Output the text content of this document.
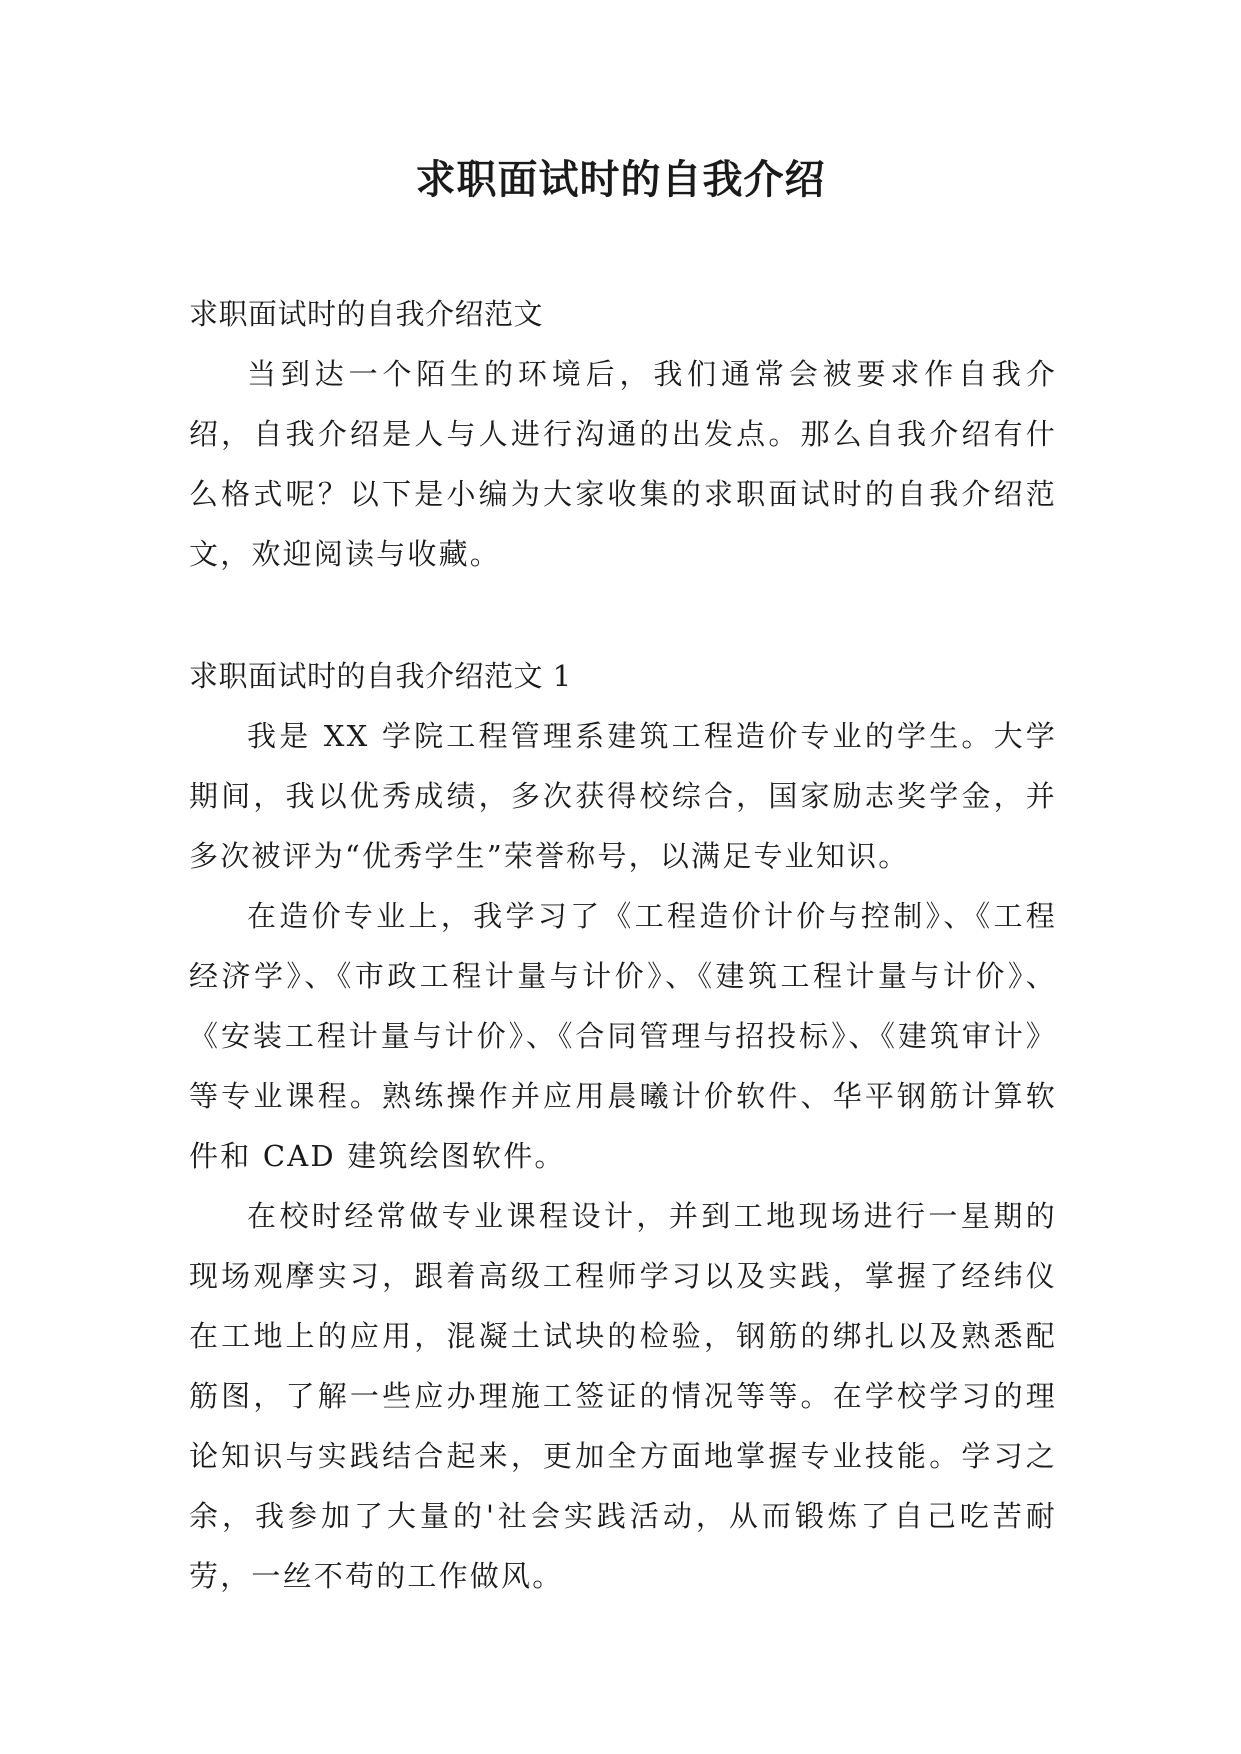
求职面试时的自我介绍

求职面试时的自我介绍范文

当到达一个陌生的环境后，我们通常会被要求作自我介绍，自我介绍是人与人进行沟通的出发点。那么自我介绍有什么格式呢？以下是小编为大家收集的求职面试时的自我介绍范文，欢迎阅读与收藏。

求职面试时的自我介绍范文 1

我是 XX 学院工程管理系建筑工程造价专业的学生。大学期间，我以优秀成绩，多次获得校综合，国家励志奖学金，并多次被评为“优秀学生”荣誉称号，以满足专业知识。

在造价专业上，我学习了《工程造价计价与控制》、《工程经济学》、《市政工程计量与计价》、《建筑工程计量与计价》、《安装工程计量与计价》、《合同管理与招投标》、《建筑审计》等专业课程。熟练操作并应用晨曦计价软件、华平钢筋计算软件和 CAD 建筑绘图软件。

在校时经常做专业课程设计，并到工地现场进行一星期的现场观摩实习，跟着高级工程师学习以及实践，掌握了经纬仪在工地上的应用，混凝土试块的检验，钢筋的绑扎以及熟悉配筋图，了解一些应办理施工签证的情况等等。在学校学习的理论知识与实践结合起来，更加全方面地掌握专业技能。学习之余，我参加了大量的'社会实践活动，从而锻炼了自己吃苦耐劳，一丝不苟的工作做风。
